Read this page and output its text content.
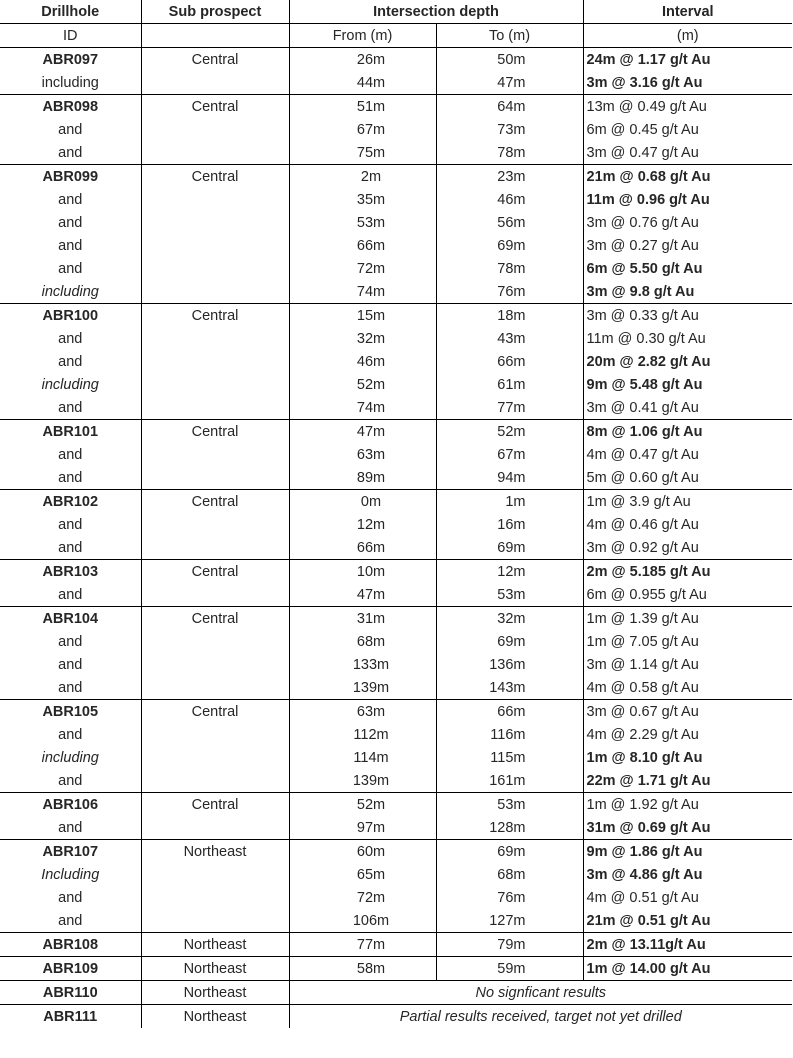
Drillhole	Sub prospect	Intersection depth		Interval
ID		From (m)	To (m)	(m)
ABR097	Central	26m	50m	24m @ 1.17 g/t Au
including		44m	47m	3m @ 3.16 g/t Au
ABR098	Central	51m	64m	13m @ 0.49 g/t Au
and		67m	73m	6m @ 0.45 g/t Au
and		75m	78m	3m @ 0.47 g/t Au
ABR099	Central	2m	23m	21m @ 0.68 g/t Au
and		35m	46m	11m @ 0.96 g/t Au
and		53m	56m	3m @ 0.76 g/t Au
and		66m	69m	3m @ 0.27 g/t Au
and		72m	78m	6m @ 5.50 g/t Au
including		74m	76m	3m @ 9.8 g/t Au
ABR100	Central	15m	18m	3m @ 0.33 g/t Au
and		32m	43m	11m @ 0.30 g/t Au
and		46m	66m	20m @ 2.82 g/t Au
including		52m	61m	9m @ 5.48 g/t Au
and		74m	77m	3m @ 0.41 g/t Au
ABR101	Central	47m	52m	8m @ 1.06 g/t Au
and		63m	67m	4m @ 0.47 g/t Au
and		89m	94m	5m @ 0.60 g/t Au
ABR102	Central	0m	1m	1m @ 3.9 g/t Au
and		12m	16m	4m @ 0.46 g/t Au
and		66m	69m	3m @ 0.92 g/t Au
ABR103	Central	10m	12m	2m @ 5.185 g/t Au
and		47m	53m	6m @ 0.955 g/t Au
ABR104	Central	31m	32m	1m @ 1.39 g/t Au
and		68m	69m	1m @ 7.05 g/t Au
and		133m	136m	3m @ 1.14 g/t Au
and		139m	143m	4m @ 0.58 g/t Au
ABR105	Central	63m	66m	3m @ 0.67 g/t Au
and		112m	116m	4m @ 2.29 g/t Au
including		114m	115m	1m @ 8.10 g/t Au
and		139m	161m	22m @ 1.71 g/t Au
ABR106	Central	52m	53m	1m @ 1.92 g/t Au
and		97m	128m	31m @ 0.69 g/t Au
ABR107	Northeast	60m	69m	9m @ 1.86 g/t Au
Including		65m	68m	3m @ 4.86 g/t Au
and		72m	76m	4m @ 0.51 g/t Au
and		106m	127m	21m @ 0.51 g/t Au
ABR108	Northeast	77m	79m	2m @ 13.11g/t Au
ABR109	Northeast	58m	59m	1m @ 14.00 g/t Au
ABR110	Northeast	No signficant results		
ABR111	Northeast	Partial results received, target not yet drilled		
